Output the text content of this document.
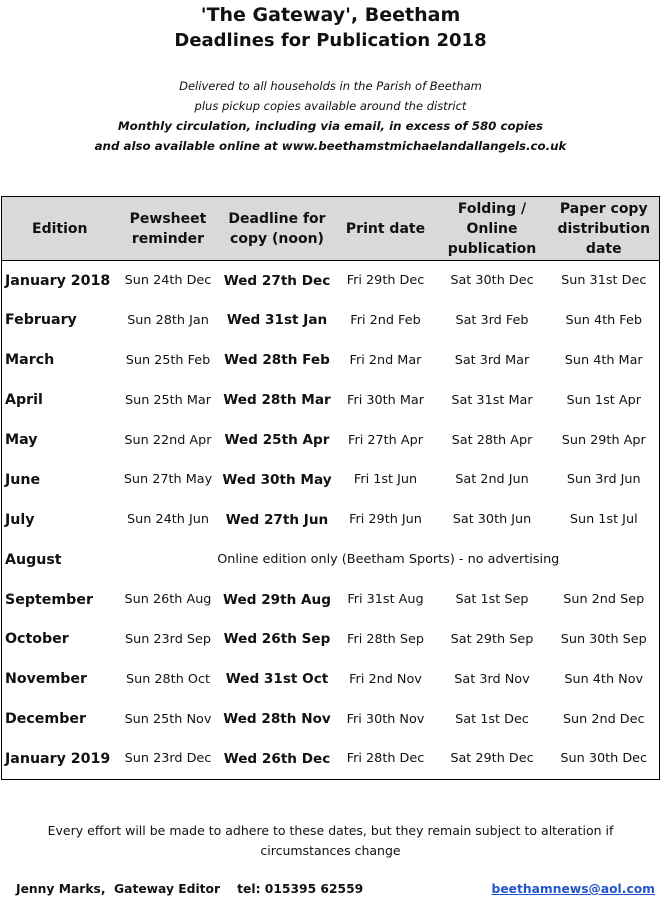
'The Gateway', Beetham
Deadlines for Publication 2018
Delivered to all households in the Parish of Beetham
plus pickup copies available around the district
Monthly circulation, including via email, in excess of 580 copies
and also available online at www.beethamstmichaelandallangels.co.uk
Edition	Pewsheet reminder	Deadline for copy (noon)	Print date	Folding / Online publication	Paper copy distribution date
January 2018	Sun 24th Dec	Wed 27th Dec	Fri 29th Dec	Sat 30th Dec	Sun 31st Dec
February	Sun 28th Jan	Wed 31st Jan	Fri 2nd Feb	Sat 3rd Feb	Sun 4th Feb
March	Sun 25th Feb	Wed 28th Feb	Fri 2nd Mar	Sat 3rd Mar	Sun 4th Mar
April	Sun 25th Mar	Wed 28th Mar	Fri 30th Mar	Sat 31st Mar	Sun 1st Apr
May	Sun 22nd Apr	Wed 25th Apr	Fri 27th Apr	Sat 28th Apr	Sun 29th Apr
June	Sun 27th May	Wed 30th May	Fri 1st Jun	Sat 2nd Jun	Sun 3rd Jun
July	Sun 24th Jun	Wed 27th Jun	Fri 29th Jun	Sat 30th Jun	Sun 1st Jul
August	Online edition only (Beetham Sports) - no advertising				
September	Sun 26th Aug	Wed 29th Aug	Fri 31st Aug	Sat 1st Sep	Sun 2nd Sep
October	Sun 23rd Sep	Wed 26th Sep	Fri 28th Sep	Sat 29th Sep	Sun 30th Sep
November	Sun 28th Oct	Wed 31st Oct	Fri 2nd Nov	Sat 3rd Nov	Sun 4th Nov
December	Sun 25th Nov	Wed 28th Nov	Fri 30th Nov	Sat 1st Dec	Sun 2nd Dec
January 2019	Sun 23rd Dec	Wed 26th Dec	Fri 28th Dec	Sat 29th Dec	Sun 30th Dec
Every effort will be made to adhere to these dates, but they remain subject to alteration if circumstances change
Jenny Marks,  Gateway Editor tel: 015395 62559	beethamnews@aol.com
